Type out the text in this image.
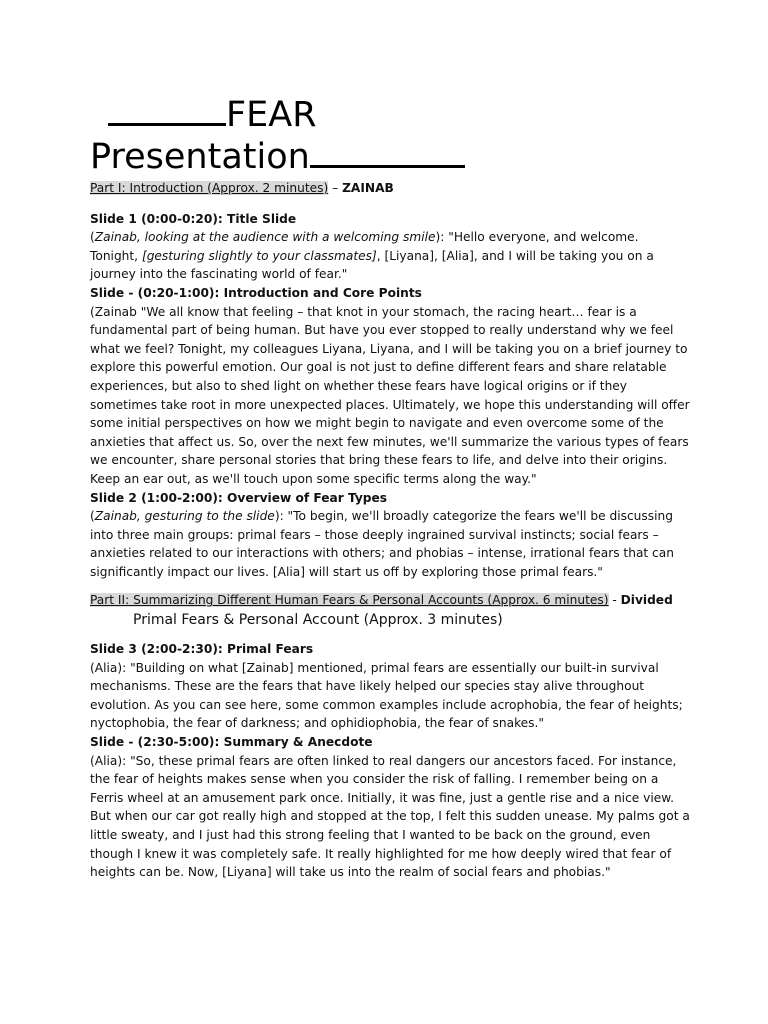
FEAR
Presentation

Part I: Introduction (Approx. 2 minutes) – ZAINAB

Slide 1 (0:00-0:20): Title Slide

(Zainab, looking at the audience with a welcoming smile): "Hello everyone, and welcome. Tonight, [gesturing slightly to your classmates], [Liyana], [Alia], and I will be taking you on a journey into the fascinating world of fear."

Slide - (0:20-1:00): Introduction and Core Points

(Zainab "We all know that feeling – that knot in your stomach, the racing heart… fear is a fundamental part of being human. But have you ever stopped to really understand why we feel what we feel? Tonight, my colleagues Liyana, Liyana, and I will be taking you on a brief journey to explore this powerful emotion. Our goal is not just to define different fears and share relatable experiences, but also to shed light on whether these fears have logical origins or if they sometimes take root in more unexpected places. Ultimately, we hope this understanding will offer some initial perspectives on how we might begin to navigate and even overcome some of the anxieties that affect us. So, over the next few minutes, we'll summarize the various types of fears we encounter, share personal stories that bring these fears to life, and delve into their origins. Keep an ear out, as we'll touch upon some specific terms along the way."

Slide 2 (1:00-2:00): Overview of Fear Types

(Zainab, gesturing to the slide): "To begin, we'll broadly categorize the fears we'll be discussing into three main groups: primal fears – those deeply ingrained survival instincts; social fears – anxieties related to our interactions with others; and phobias – intense, irrational fears that can significantly impact our lives. [Alia] will start us off by exploring those primal fears."

Part II: Summarizing Different Human Fears & Personal Accounts (Approx. 6 minutes) - Divided

Primal Fears & Personal Account (Approx. 3 minutes)

Slide 3 (2:00-2:30): Primal Fears

(Alia): "Building on what [Zainab] mentioned, primal fears are essentially our built-in survival mechanisms. These are the fears that have likely helped our species stay alive throughout evolution. As you can see here, some common examples include acrophobia, the fear of heights; nyctophobia, the fear of darkness; and ophidiophobia, the fear of snakes."

Slide - (2:30-5:00): Summary & Anecdote

(Alia): "So, these primal fears are often linked to real dangers our ancestors faced. For instance, the fear of heights makes sense when you consider the risk of falling. I remember being on a Ferris wheel at an amusement park once. Initially, it was fine, just a gentle rise and a nice view. But when our car got really high and stopped at the top, I felt this sudden unease. My palms got a little sweaty, and I just had this strong feeling that I wanted to be back on the ground, even though I knew it was completely safe. It really highlighted for me how deeply wired that fear of heights can be. Now, [Liyana] will take us into the realm of social fears and phobias."
